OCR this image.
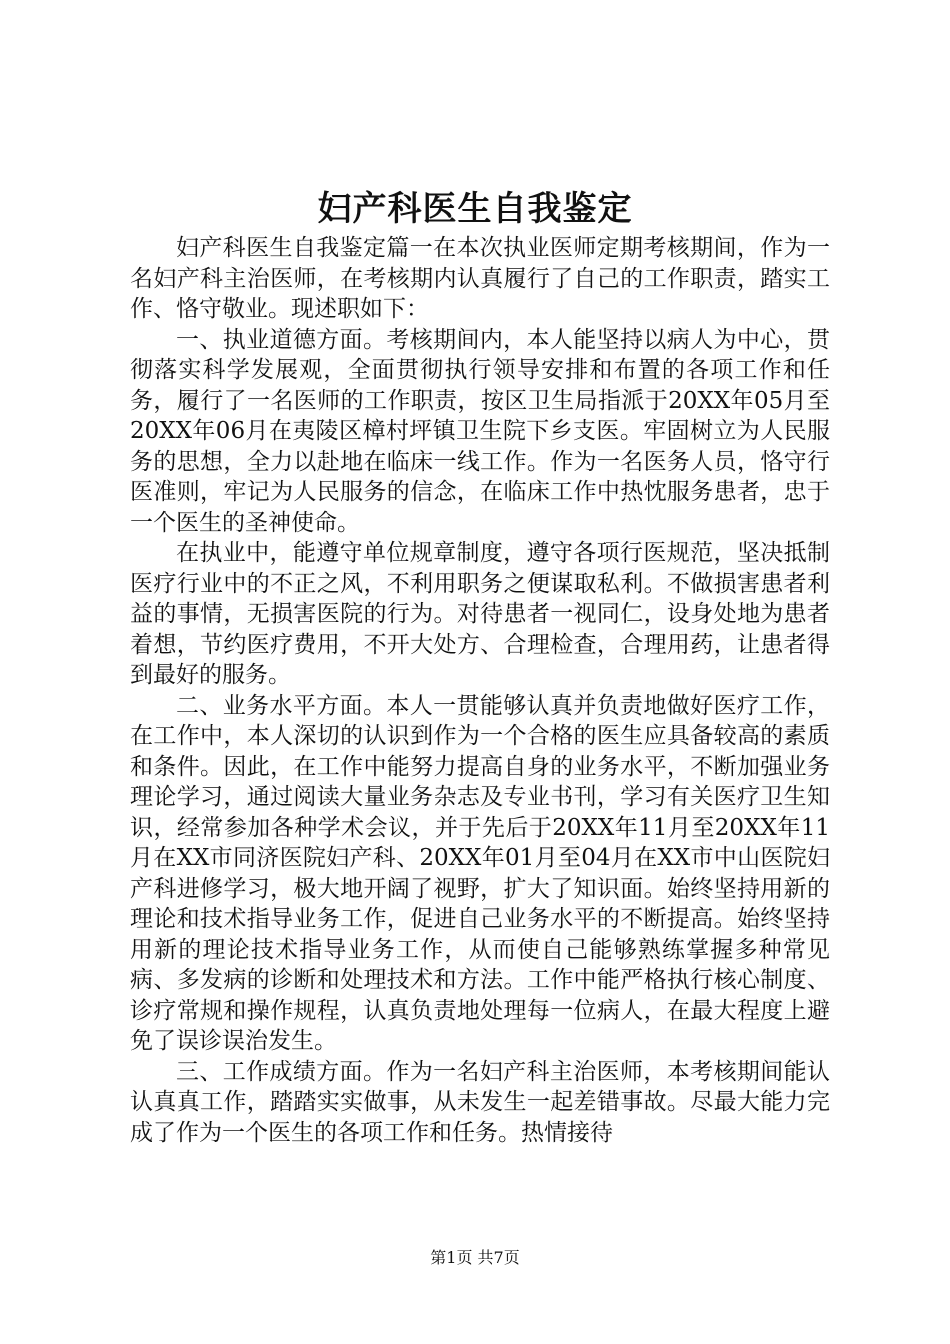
妇产科医生自我鉴定

妇产科医生自我鉴定篇一在本次执业医师定期考核期间，作为一名妇产科主治医师，在考核期内认真履行了自己的工作职责，踏实工作、恪守敬业。现述职如下：

一、执业道德方面。考核期间内，本人能坚持以病人为中心，贯彻落实科学发展观，全面贯彻执行领导安排和布置的各项工作和任务，履行了一名医师的工作职责，按区卫生局指派于20XX年05月至20XX年06月在夷陵区樟村坪镇卫生院下乡支医。牢固树立为人民服务的思想，全力以赴地在临床一线工作。作为一名医务人员，恪守行医准则，牢记为人民服务的信念，在临床工作中热忱服务患者，忠于一个医生的圣神使命。

在执业中，能遵守单位规章制度，遵守各项行医规范，坚决抵制医疗行业中的不正之风，不利用职务之便谋取私利。不做损害患者利益的事情，无损害医院的行为。对待患者一视同仁，设身处地为患者着想，节约医疗费用，不开大处方、合理检查，合理用药，让患者得到最好的服务。

二、业务水平方面。本人一贯能够认真并负责地做好医疗工作，在工作中，本人深切的认识到作为一个合格的医生应具备较高的素质和条件。因此，在工作中能努力提高自身的业务水平，不断加强业务理论学习，通过阅读大量业务杂志及专业书刊，学习有关医疗卫生知识，经常参加各种学术会议，并于先后于20XX年11月至20XX年11月在XX市同济医院妇产科、20XX年01月至04月在XX市中山医院妇产科进修学习，极大地开阔了视野，扩大了知识面。始终坚持用新的理论和技术指导业务工作，促进自己业务水平的不断提高。始终坚持用新的理论技术指导业务工作，从而使自己能够熟练掌握多种常见病、多发病的诊断和处理技术和方法。工作中能严格执行核心制度、诊疗常规和操作规程，认真负责地处理每一位病人，在最大程度上避免了误诊误治发生。

三、工作成绩方面。作为一名妇产科主治医师，本考核期间能认认真真工作，踏踏实实做事，从未发生一起差错事故。尽最大能力完成了作为一个医生的各项工作和任务。热情接待

第1页 共7页
